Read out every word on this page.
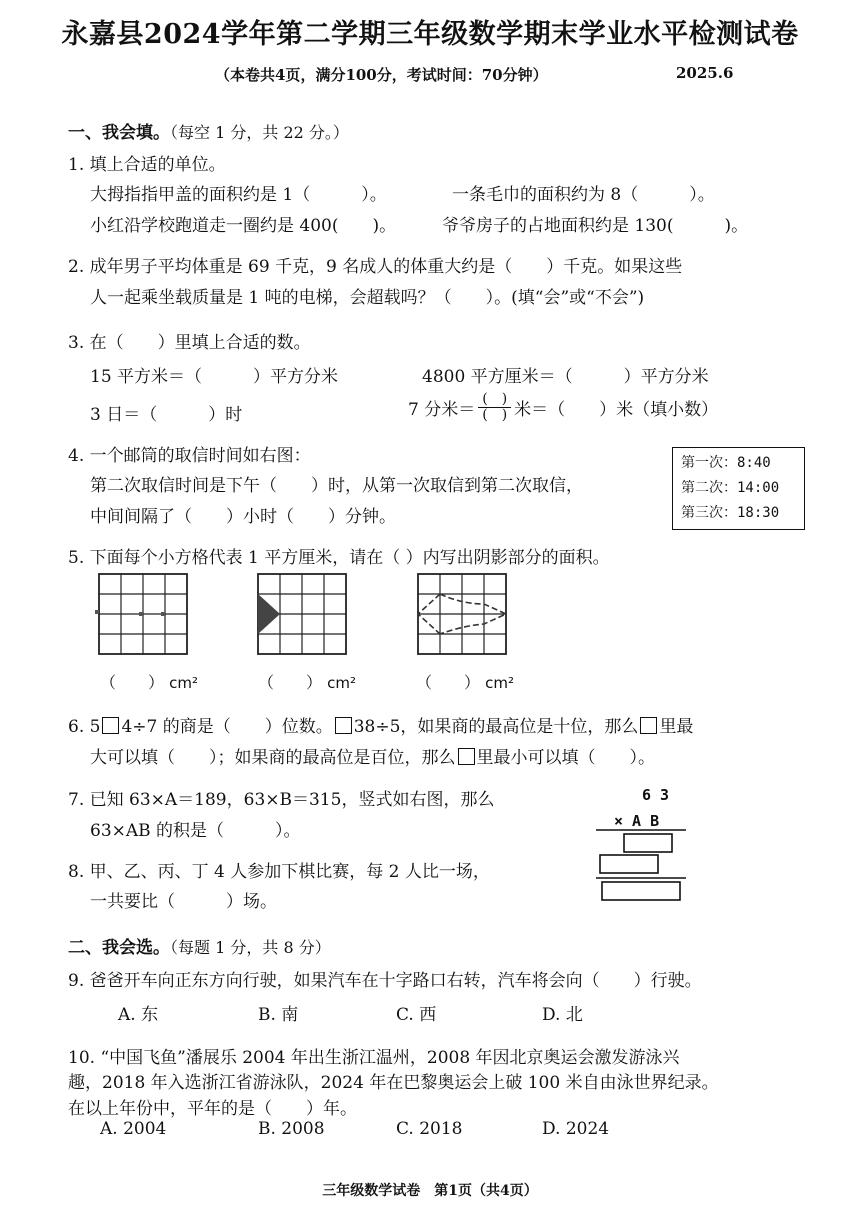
永嘉县2024学年第二学期三年级数学期末学业水平检测试卷
（本卷共4页，满分100分，考试时间：70分钟）	2025.6
一、我会填。（每空 1 分，共 22 分。）
1. 填上合适的单位。
大拇指指甲盖的面积约是 1（　　　）。	一条毛巾的面积约为 8（　　　）。
小红沿学校跑道走一圈约是 400(　　)。	爷爷房子的占地面积约是 130(　　　)。
2. 成年男子平均体重是 69 千克，9 名成人的体重大约是（　　）千克。如果这些
人一起乘坐载质量是 1 吨的电梯，会超载吗？（　　）。(填“会”或“不会”)
3. 在（　　）里填上合适的数。
15 平方米＝（　　　）平方分米	4800 平方厘米＝（　　　）平方分米
3 日＝（　　　）时	7 分米＝ $\frac{( )}{( )}$ 米＝（　　）米（填小数）
4. 一个邮筒的取信时间如右图：
第二次取信时间是下午（　　）时，从第一次取信到第二次取信，
中间间隔了（　　）小时（　　）分钟。
第一次：8:40
第二次：14:00
第三次：18:30
5. 下面每个小方格代表 1 平方厘米，请在（ ）内写出阴影部分的面积。
（　　） cm²	（　　） cm²	（　　） cm²
6. 5 4÷7 的商是（　　）位数。 38÷5，如果商的最高位是十位，那么 里最
大可以填（　　）；如果商的最高位是百位，那么 里最小可以填（　　）。
7. 已知 63×A＝189，63×B＝315，竖式如右图，那么
63×AB 的积是（　　　）。
6 3
× A B
8. 甲、乙、丙、丁 4 人参加下棋比赛，每 2 人比一场，
一共要比（　　　）场。
二、我会选。（每题 1 分，共 8 分）
9. 爸爸开车向正东方向行驶，如果汽车在十字路口右转，汽车将会向（　　）行驶。
A. 东	B. 南	C. 西	D. 北
10. “中国飞鱼”潘展乐 2004 年出生浙江温州，2008 年因北京奥运会激发游泳兴
趣，2018 年入选浙江省游泳队，2024 年在巴黎奥运会上破 100 米自由泳世界纪录。
在以上年份中，平年的是（　　）年。
A. 2004	B. 2008	C. 2018	D. 2024
三年级数学试卷　第1页（共4页）
